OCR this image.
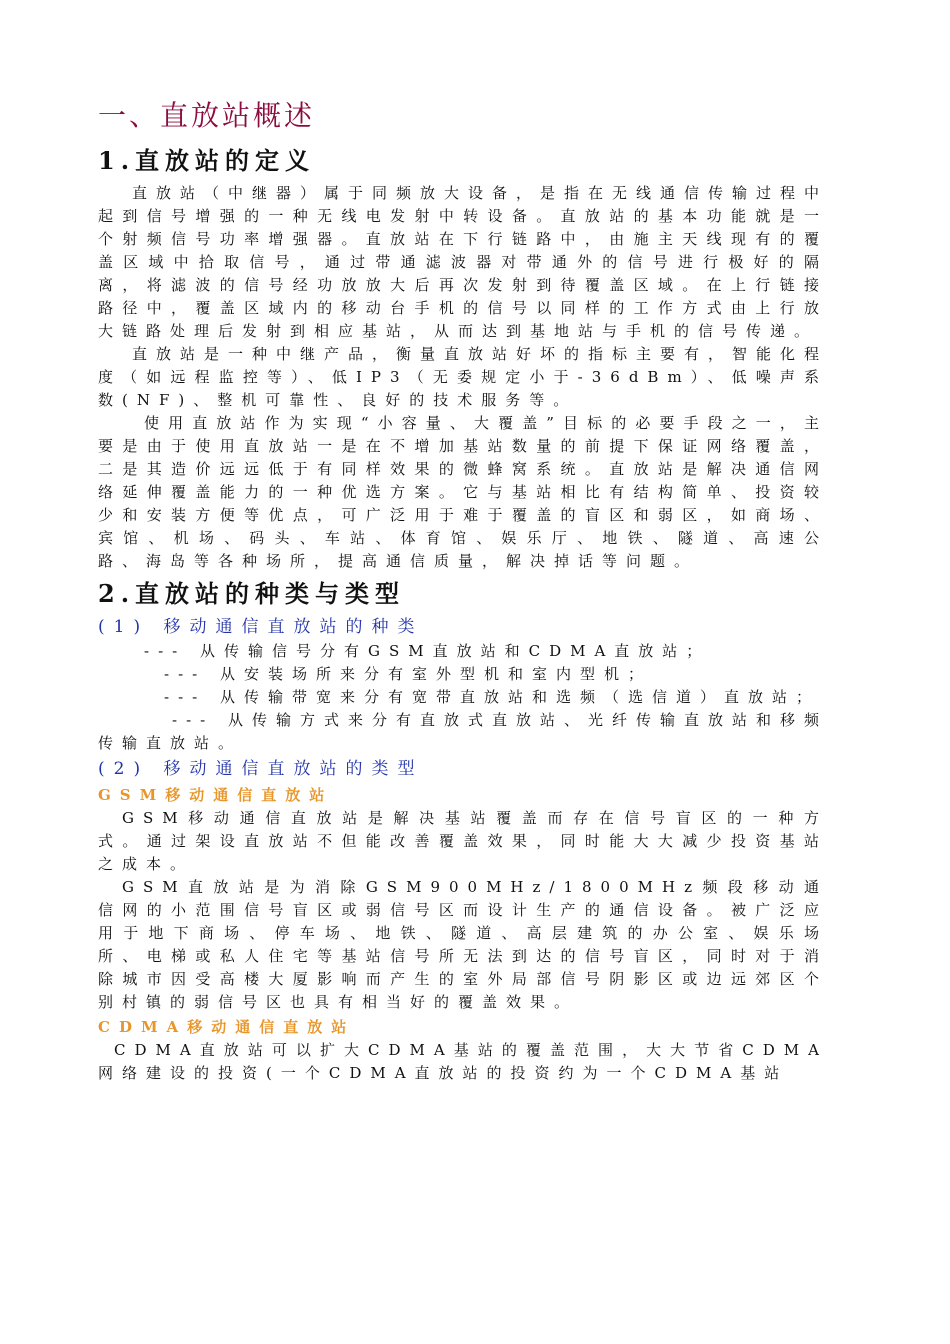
一、直放站概述
1.直放站的定义

直放站（中继器）属于同频放大设备，是指在无线通信传输过程中起到信号增强的一种无线电发射中转设备。直放站的基本功能就是一个射频信号功率增强器。直放站在下行链路中，由施主天线现有的覆盖区域中拾取信号，通过带通滤波器对带通外的信号进行极好的隔离，将滤波的信号经功放放大后再次发射到待覆盖区域。在上行链接路径中，覆盖区域内的移动台手机的信号以同样的工作方式由上行放大链路处理后发射到相应基站，从而达到基地站与手机的信号传递。

直放站是一种中继产品，衡量直放站好坏的指标主要有，智能化程度（如远程监控等）、低IP3（无委规定小于-36dBm）、低噪声系数(NF)、整机可靠性、良好的技术服务等。

使用直放站作为实现“小容量、大覆盖”目标的必要手段之一，主要是由于使用直放站一是在不增加基站数量的前提下保证网络覆盖，二是其造价远远低于有同样效果的微蜂窝系统。直放站是解决通信网络延伸覆盖能力的一种优选方案。它与基站相比有结构简单、投资较少和安装方便等优点，可广泛用于难于覆盖的盲区和弱区，如商场、宾馆、机场、码头、车站、体育馆、娱乐厅、地铁、隧道、高速公路、海岛等各种场所，提高通信质量，解决掉话等问题。

2.直放站的种类与类型
(1) 移动通信直放站的种类

--- 从传输信号分有GSM直放站和CDMA直放站；

--- 从安装场所来分有室外型机和室内型机；

--- 从传输带宽来分有宽带直放站和选频（选信道）直放站；

--- 从传输方式来分有直放式直放站、光纤传输直放站和移频传输直放站。

(2) 移动通信直放站的类型
GSM移动通信直放站

GSM移动通信直放站是解决基站覆盖而存在信号盲区的一种方式。通过架设直放站不但能改善覆盖效果，同时能大大减少投资基站之成本。

GSM直放站是为消除GSM900MHz/1800MHz频段移动通信网的小范围信号盲区或弱信号区而设计生产的通信设备。被广泛应用于地下商场、停车场、地铁、隧道、高层建筑的办公室、娱乐场所、电梯或私人住宅等基站信号所无法到达的信号盲区，同时对于消除城市因受高楼大厦影响而产生的室外局部信号阴影区或边远郊区个别村镇的弱信号区也具有相当好的覆盖效果。

CDMA移动通信直放站

CDMA直放站可以扩大CDMA基站的覆盖范围，大大节省CDMA网络建设的投资(一个CDMA直放站的投资约为一个CDMA基站
